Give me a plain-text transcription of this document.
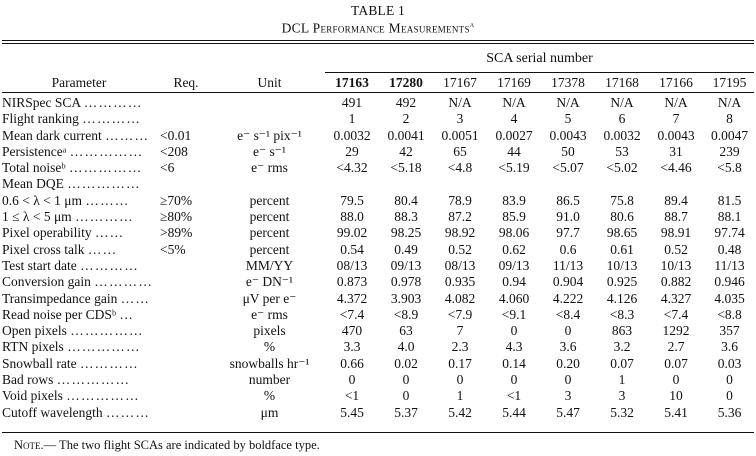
TABLE 1
DCL Performance Measurements$^a$
SCA serial number
Parameter	Req.	Unit	17163	17280	17167	17169	17378	17168	17166	17195
NIRSpec SCA …………			491	492	N/A	N/A	N/A	N/A	N/A	N/A
Flight ranking …………			1	2	3	4	5	6	7	8
Mean dark current ………	<0.01	e⁻ s⁻¹ pix⁻¹	0.0032	0.0041	0.0051	0.0027	0.0043	0.0032	0.0043	0.0047
Persistenceᵃ ……………	<208	e⁻ s⁻¹	29	42	65	44	50	53	31	239
Total noiseᵇ ……………	<6	e⁻ rms	<4.32	<5.18	<4.8	<5.19	<5.07	<5.02	<4.46	<5.8
Mean DQE ……………										
0.6 < λ < 1 μm ………	≥70%	percent	79.5	80.4	78.9	83.9	86.5	75.8	89.4	81.5
1 ≤ λ < 5 μm …………	≥80%	percent	88.0	88.3	87.2	85.9	91.0	80.6	88.7	88.1
Pixel operability ……	>89%	percent	99.02	98.25	98.92	98.06	97.7	98.65	98.91	97.74
Pixel cross talk ……	<5%	percent	0.54	0.49	0.52	0.62	0.6	0.61	0.52	0.48
Test start date …………		MM/YY	08/13	09/13	08/13	09/13	11/13	10/13	10/13	11/13
Conversion gain …………		e⁻ DN⁻¹	0.873	0.978	0.935	0.94	0.904	0.925	0.882	0.946
Transimpedance gain ……		μV per e⁻	4.372	3.903	4.082	4.060	4.222	4.126	4.327	4.035
Read noise per CDSᵇ …		e⁻ rms	<7.4	<8.9	<7.9	<9.1	<8.4	<8.3	<7.4	<8.8
Open pixels ……………		pixels	470	63	7	0	0	863	1292	357
RTN pixels ……………		%	3.3	4.0	2.3	4.3	3.6	3.2	2.7	3.6
Snowball rate …………		snowballs hr⁻¹	0.66	0.02	0.17	0.14	0.20	0.07	0.07	0.03
Bad rows ……………		number	0	0	0	0	0	1	0	0
Void pixels ……………		%	<1	0	1	<1	3	3	10	0
Cutoff wavelength ………		μm	5.45	5.37	5.42	5.44	5.47	5.32	5.41	5.36
Note.— The two flight SCAs are indicated by boldface type.
